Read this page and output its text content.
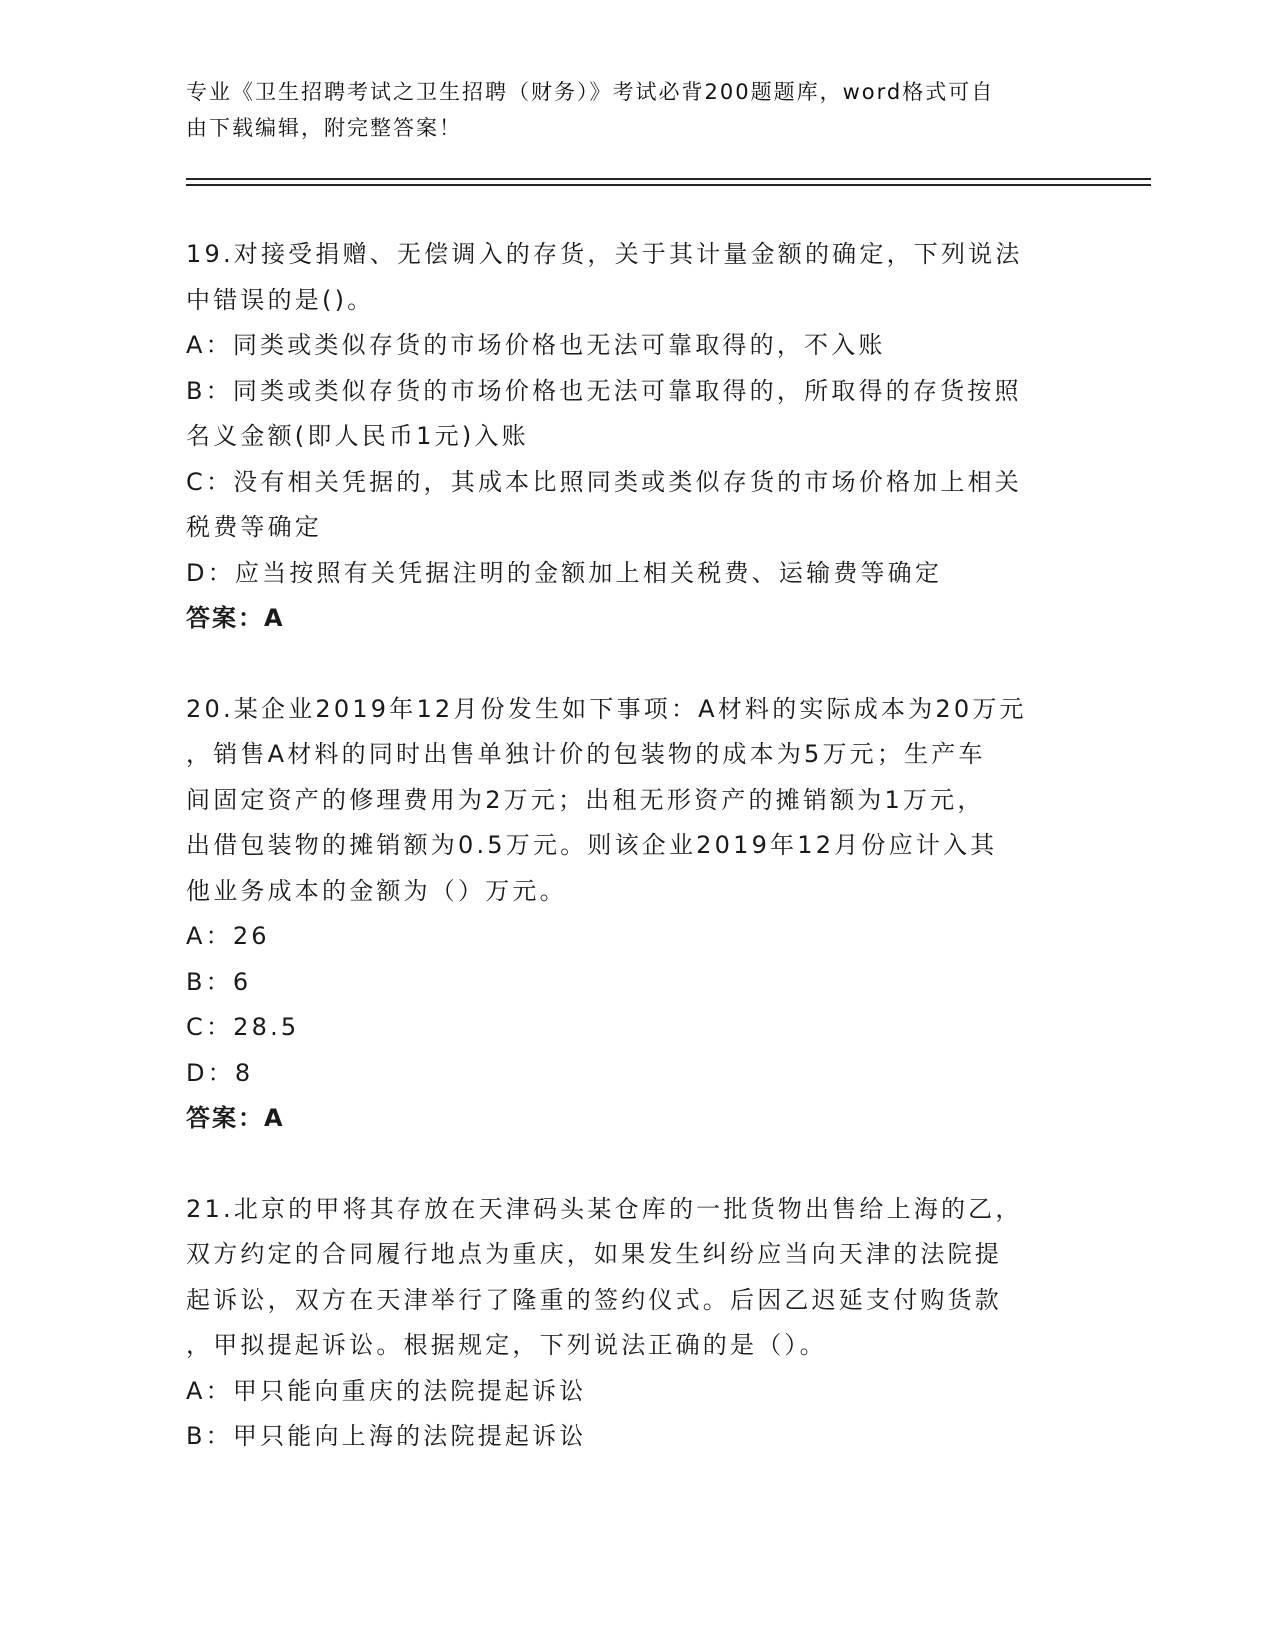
专业《卫生招聘考试之卫生招聘（财务）》考试必背200题题库，word格式可自
由下载编辑，附完整答案！
19.对接受捐赠、无偿调入的存货，关于其计量金额的确定，下列说法
中错误的是()。
A：同类或类似存货的市场价格也无法可靠取得的，不入账
B：同类或类似存货的市场价格也无法可靠取得的，所取得的存货按照
名义金额(即人民币1元)入账
C：没有相关凭据的，其成本比照同类或类似存货的市场价格加上相关
税费等确定
D：应当按照有关凭据注明的金额加上相关税费、运输费等确定
答案：A
20.某企业2019年12月份发生如下事项：A材料的实际成本为20万元
，销售A材料的同时出售单独计价的包装物的成本为5万元；生产车
间固定资产的修理费用为2万元；出租无形资产的摊销额为1万元，
出借包装物的摊销额为0.5万元。则该企业2019年12月份应计入其
他业务成本的金额为（）万元。
A：26
B：6
C：28.5
D：8
答案：A
21.北京的甲将其存放在天津码头某仓库的一批货物出售给上海的乙，
双方约定的合同履行地点为重庆，如果发生纠纷应当向天津的法院提
起诉讼，双方在天津举行了隆重的签约仪式。后因乙迟延支付购货款
，甲拟提起诉讼。根据规定，下列说法正确的是（）。
A：甲只能向重庆的法院提起诉讼
B：甲只能向上海的法院提起诉讼
